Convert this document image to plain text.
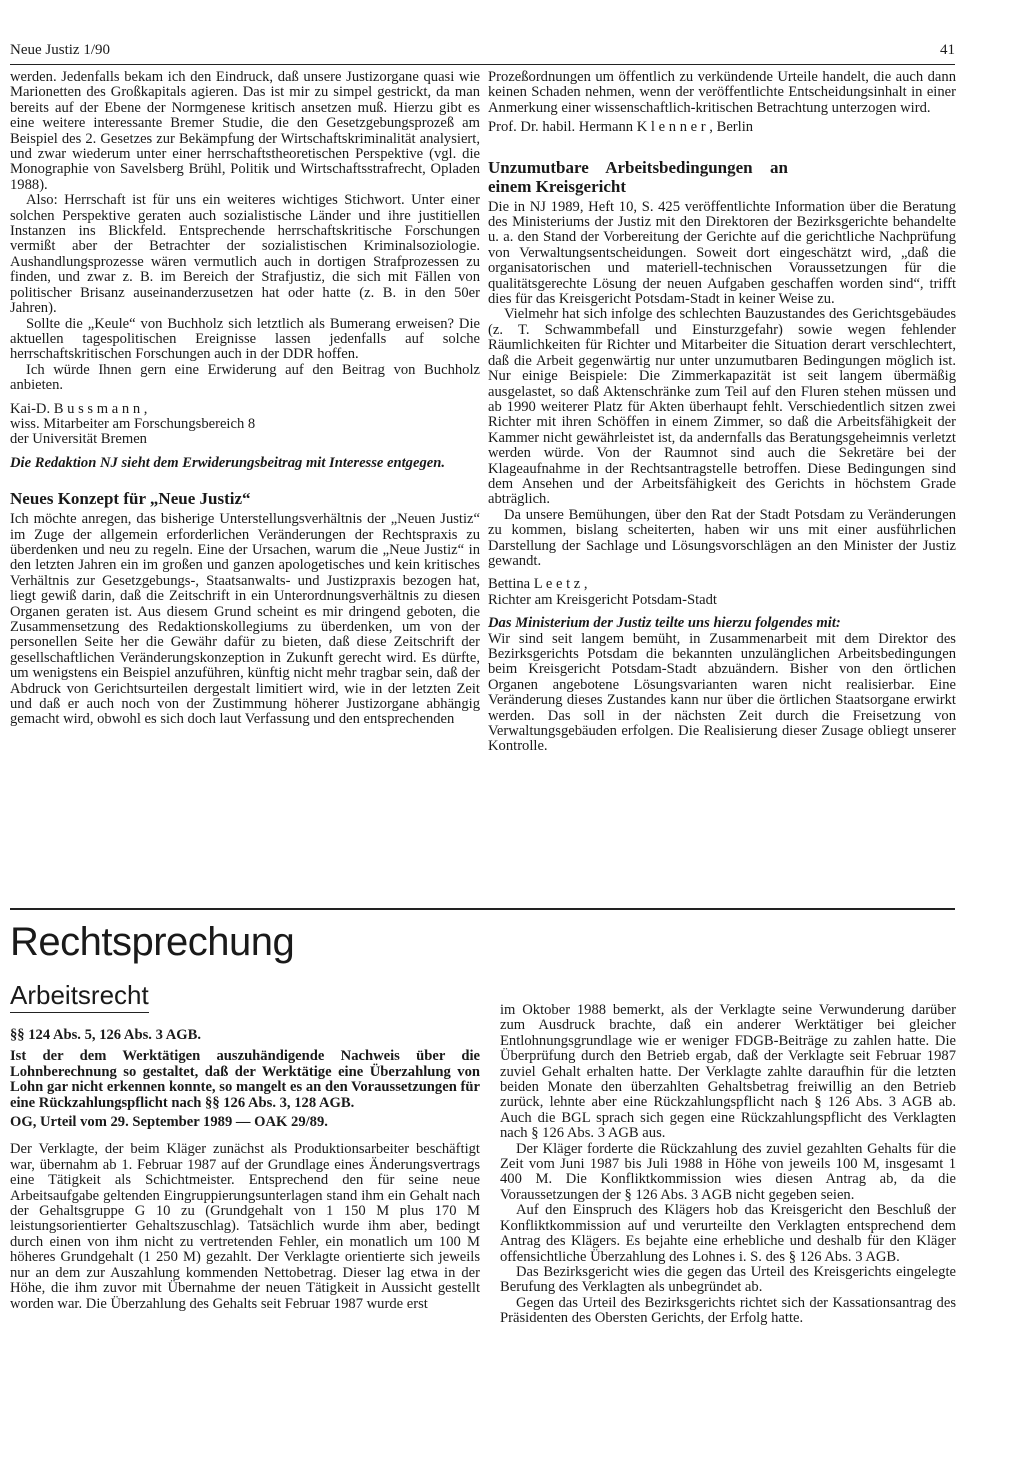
Neue Justiz 1/90	41

werden. Jedenfalls bekam ich den Eindruck, daß unsere Justizorgane quasi wie Marionetten des Großkapitals agieren. Das ist mir zu simpel gestrickt, da man bereits auf der Ebene der Normgenese kritisch ansetzen muß. Hierzu gibt es eine weitere interessante Bremer Studie, die den Gesetzgebungsprozeß am Beispiel des 2. Gesetzes zur Bekämpfung der Wirtschaftskriminalität analysiert, und zwar wiederum unter einer herrschaftstheoretischen Perspektive (vgl. die Monographie von Savelsberg Brühl, Politik und Wirtschaftsstrafrecht, Opladen 1988).

Also: Herrschaft ist für uns ein weiteres wichtiges Stichwort. Unter einer solchen Perspektive geraten auch sozialistische Länder und ihre justitiellen Instanzen ins Blickfeld. Entsprechende herrschaftskritische Forschungen vermißt aber der Betrachter der sozialistischen Kriminalsoziologie. Aushandlungsprozesse wären vermutlich auch in dortigen Strafprozessen zu finden, und zwar z. B. im Bereich der Strafjustiz, die sich mit Fällen von politischer Brisanz auseinanderzusetzen hat oder hatte (z. B. in den 50er Jahren).

Sollte die „Keule“ von Buchholz sich letztlich als Bumerang erweisen? Die aktuellen tagespolitischen Ereignisse lassen jedenfalls auf solche herrschaftskritischen Forschungen auch in der DDR hoffen.

Ich würde Ihnen gern eine Erwiderung auf den Beitrag von Buchholz anbieten.

Kai-D. B u s s m a n n ,

wiss. Mitarbeiter am Forschungsbereich 8

der Universität Bremen

Die Redaktion NJ sieht dem Erwiderungsbeitrag mit Interesse entgegen.

Neues Konzept für „Neue Justiz“

Ich möchte anregen, das bisherige Unterstellungsverhältnis der „Neuen Justiz“ im Zuge der allgemein erforderlichen Veränderungen der Rechtspraxis zu überdenken und neu zu regeln. Eine der Ursachen, warum die „Neue Justiz“ in den letzten Jahren ein im großen und ganzen apologetisches und kein kritisches Verhältnis zur Gesetzgebungs-, Staatsanwalts- und Justizpraxis bezogen hat, liegt gewiß darin, daß die Zeitschrift in ein Unterordnungsverhältnis zu diesen Organen geraten ist. Aus diesem Grund scheint es mir dringend geboten, die Zusammensetzung des Redaktionskollegiums zu überdenken, um von der personellen Seite her die Gewähr dafür zu bieten, daß diese Zeitschrift der gesellschaftlichen Veränderungskonzeption in Zukunft gerecht wird. Es dürfte, um wenigstens ein Beispiel anzuführen, künftig nicht mehr tragbar sein, daß der Abdruck von Gerichtsurteilen dergestalt limitiert wird, wie in der letzten Zeit und daß er auch noch von der Zustimmung höherer Justizorgane abhängig gemacht wird, obwohl es sich doch laut Verfassung und den entsprechenden

Prozeßordnungen um öffentlich zu verkündende Urteile handelt, die auch dann keinen Schaden nehmen, wenn der veröffentlichte Entscheidungsinhalt in einer Anmerkung einer wissenschaftlich-kritischen Betrachtung unterzogen wird.

Prof. Dr. habil. Hermann K l e n n e r , Berlin

Unzumutbare Arbeitsbedingungen an einem Kreisgericht

Die in NJ 1989, Heft 10, S. 425 veröffentlichte Information über die Beratung des Ministeriums der Justiz mit den Direktoren der Bezirksgerichte behandelte u. a. den Stand der Vorbereitung der Gerichte auf die gerichtliche Nachprüfung von Verwaltungsentscheidungen. Soweit dort eingeschätzt wird, „daß die organisatorischen und materiell-technischen Voraussetzungen für die qualitätsgerechte Lösung der neuen Aufgaben geschaffen worden sind“, trifft dies für das Kreisgericht Potsdam-Stadt in keiner Weise zu.

Vielmehr hat sich infolge des schlechten Bauzustandes des Gerichtsgebäudes (z. T. Schwammbefall und Einsturzgefahr) sowie wegen fehlender Räumlichkeiten für Richter und Mitarbeiter die Situation derart verschlechtert, daß die Arbeit gegenwärtig nur unter unzumutbaren Bedingungen möglich ist. Nur einige Beispiele: Die Zimmerkapazität ist seit langem übermäßig ausgelastet, so daß Aktenschränke zum Teil auf den Fluren stehen müssen und ab 1990 weiterer Platz für Akten überhaupt fehlt. Verschiedentlich sitzen zwei Richter mit ihren Schöffen in einem Zimmer, so daß die Arbeitsfähigkeit der Kammer nicht gewährleistet ist, da andernfalls das Beratungsgeheimnis verletzt werden würde. Von der Raumnot sind auch die Sekretäre bei der Klageaufnahme in der Rechtsantragstelle betroffen. Diese Bedingungen sind dem Ansehen und der Arbeitsfähigkeit des Gerichts in höchstem Grade abträglich.

Da unsere Bemühungen, über den Rat der Stadt Potsdam zu Veränderungen zu kommen, bislang scheiterten, haben wir uns mit einer ausführlichen Darstellung der Sachlage und Lösungsvorschlägen an den Minister der Justiz gewandt.

Bettina L e e t z ,

Richter am Kreisgericht Potsdam-Stadt

Das Ministerium der Justiz teilte uns hierzu folgendes mit:

Wir sind seit langem bemüht, in Zusammenarbeit mit dem Direktor des Bezirksgerichts Potsdam die bekannten unzulänglichen Arbeitsbedingungen beim Kreisgericht Potsdam-Stadt abzuändern. Bisher von den örtlichen Organen angebotene Lösungsvarianten waren nicht realisierbar. Eine Veränderung dieses Zustandes kann nur über die örtlichen Staatsorgane erwirkt werden. Das soll in der nächsten Zeit durch die Freisetzung von Verwaltungsgebäuden erfolgen. Die Realisierung dieser Zusage obliegt unserer Kontrolle.

Rechtsprechung
Arbeitsrecht

§§ 124 Abs. 5, 126 Abs. 3 AGB.

Ist der dem Werktätigen auszuhändigende Nachweis über die Lohnberechnung so gestaltet, daß der Werktätige eine Überzahlung von Lohn gar nicht erkennen konnte, so mangelt es an den Voraussetzungen für eine Rückzahlungspflicht nach §§ 126 Abs. 3, 128 AGB.

OG, Urteil vom 29. September 1989 — OAK 29/89.

Der Verklagte, der beim Kläger zunächst als Produktionsarbeiter beschäftigt war, übernahm ab 1. Februar 1987 auf der Grundlage eines Änderungsvertrags eine Tätigkeit als Schichtmeister. Entsprechend den für seine neue Arbeitsaufgabe geltenden Eingruppierungsunterlagen stand ihm ein Gehalt nach der Gehaltsgruppe G 10 zu (Grundgehalt von 1 150 M plus 170 M leistungsorientierter Gehaltszuschlag). Tatsächlich wurde ihm aber, bedingt durch einen von ihm nicht zu vertretenden Fehler, ein monatlich um 100 M höheres Grundgehalt (1 250 M) gezahlt. Der Verklagte orientierte sich jeweils nur an dem zur Auszahlung kommenden Nettobetrag. Dieser lag etwa in der Höhe, die ihm zuvor mit Übernahme der neuen Tätigkeit in Aussicht gestellt worden war. Die Überzahlung des Gehalts seit Februar 1987 wurde erst

im Oktober 1988 bemerkt, als der Verklagte seine Verwunderung darüber zum Ausdruck brachte, daß ein anderer Werktätiger bei gleicher Entlohnungsgrundlage wie er weniger FDGB-Beiträge zu zahlen hatte. Die Überprüfung durch den Betrieb ergab, daß der Verklagte seit Februar 1987 zuviel Gehalt erhalten hatte. Der Verklagte zahlte daraufhin für die letzten beiden Monate den überzahlten Gehaltsbetrag freiwillig an den Betrieb zurück, lehnte aber eine Rückzahlungspflicht nach § 126 Abs. 3 AGB ab. Auch die BGL sprach sich gegen eine Rückzahlungspflicht des Verklagten nach § 126 Abs. 3 AGB aus.

Der Kläger forderte die Rückzahlung des zuviel gezahlten Gehalts für die Zeit vom Juni 1987 bis Juli 1988 in Höhe von jeweils 100 M, insgesamt 1 400 M. Die Konfliktkommission wies diesen Antrag ab, da die Voraussetzungen der § 126 Abs. 3 AGB nicht gegeben seien.

Auf den Einspruch des Klägers hob das Kreisgericht den Beschluß der Konfliktkommission auf und verurteilte den Verklagten entsprechend dem Antrag des Klägers. Es bejahte eine erhebliche und deshalb für den Kläger offensichtliche Überzahlung des Lohnes i. S. des § 126 Abs. 3 AGB.

Das Bezirksgericht wies die gegen das Urteil des Kreisgerichts eingelegte Berufung des Verklagten als unbegründet ab.

Gegen das Urteil des Bezirksgerichts richtet sich der Kassationsantrag des Präsidenten des Obersten Gerichts, der Erfolg hatte.
